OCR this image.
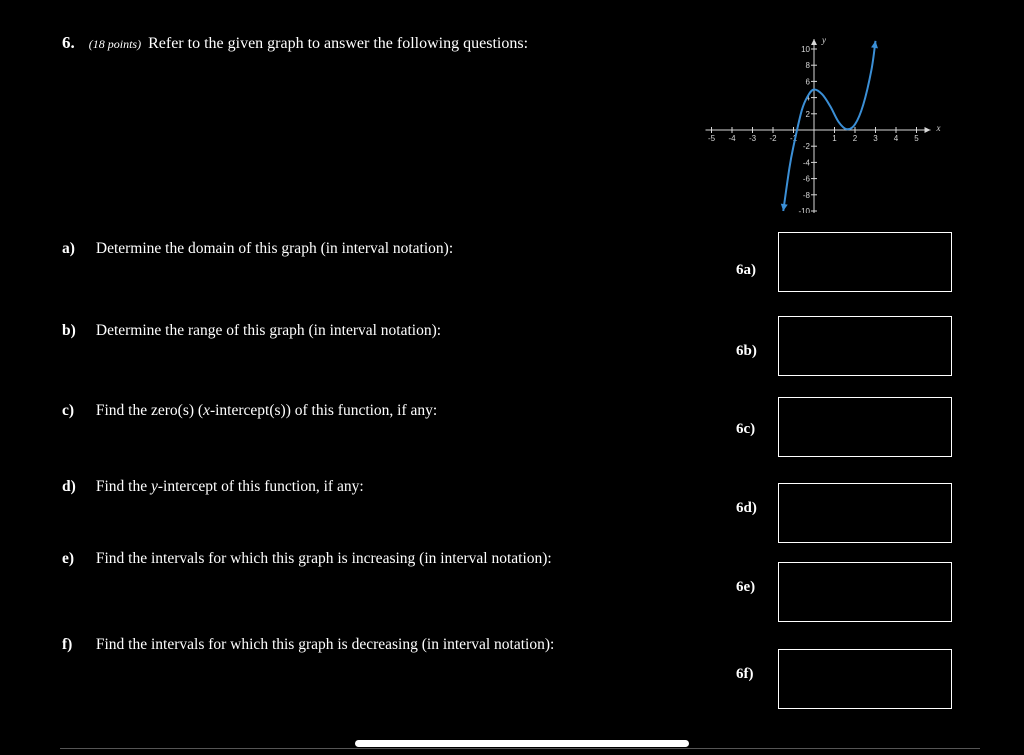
6. (18 points) Refer to the given graph to answer the following questions:
x
y
-5 -4 -3 -2 -1	1 2 3 4 5
10
8
6
4
2
-2
-4
-6
-8
-10
a) Determine the domain of this graph (in interval notation):
6a)
b) Determine the range of this graph (in interval notation):
6b)
c) Find the zero(s) (x-intercept(s)) of this function, if any:
6c)
d) Find the y-intercept of this function, if any:
6d)
e) Find the intervals for which this graph is increasing (in interval notation):
6e)
f) Find the intervals for which this graph is decreasing (in interval notation):
6f)
